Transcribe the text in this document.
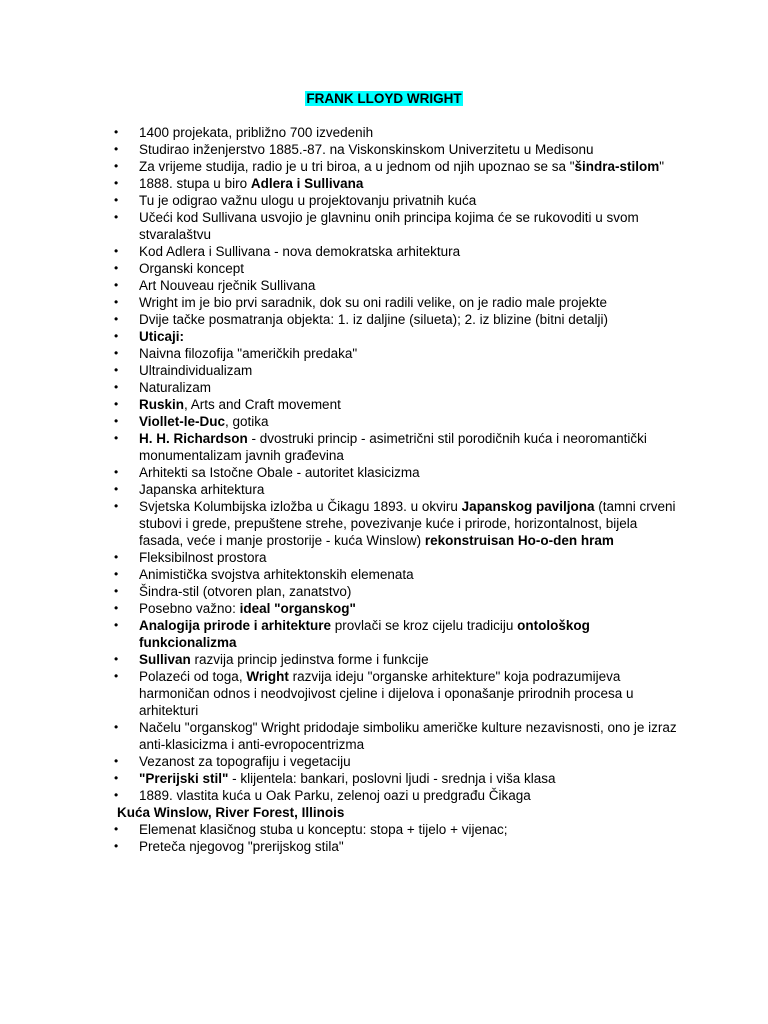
FRANK LLOYD WRIGHT
• 1400 projekata, približno 700 izvedenih
• Studirao inženjerstvo 1885.-87. na Viskonskinskom Univerzitetu u Medisonu
• Za vrijeme studija, radio je u tri biroa, a u jednom od njih upoznao se sa "šindra-stilom"
• 1888. stupa u biro Adlera i Sullivana
• Tu je odigrao važnu ulogu u projektovanju privatnih kuća
• Učeći kod Sullivana usvojio je glavninu onih principa kojima će se rukovoditi u svom stvaralaštvu
• Kod Adlera i Sullivana - nova demokratska arhitektura
• Organski koncept
• Art Nouveau rječnik Sullivana
• Wright im je bio prvi saradnik, dok su oni radili velike, on je radio male projekte
• Dvije tačke posmatranja objekta: 1. iz daljine (silueta); 2. iz blizine (bitni detalji)
• Uticaji:
• Naivna filozofija "američkih predaka"
• Ultraindividualizam
• Naturalizam
• Ruskin, Arts and Craft movement
• Viollet-le-Duc, gotika
• H. H. Richardson - dvostruki princip - asimetrični stil porodičnih kuća i neoromantički monumentalizam javnih građevina
• Arhitekti sa Istočne Obale - autoritet klasicizma
• Japanska arhitektura
• Svjetska Kolumbijska izložba u Čikagu 1893. u okviru Japanskog paviljona (tamni crveni stubovi i grede, prepuštene strehe, povezivanje kuće i prirode, horizontalnost, bijela fasada, veće i manje prostorije - kuća Winslow) rekonstruisan Ho-o-den hram
• Fleksibilnost prostora
• Animistička svojstva arhitektonskih elemenata
• Šindra-stil (otvoren plan, zanatstvo)
• Posebno važno: ideal "organskog"
• Analogija prirode i arhitekture provlači se kroz cijelu tradiciju ontološkog funkcionalizma
• Sullivan razvija princip jedinstva forme i funkcije
• Polazeći od toga, Wright razvija ideju "organske arhitekture" koja podrazumijeva harmoničan odnos i neodvojivost cjeline i dijelova i oponašanje prirodnih procesa u arhitekturi
• Načelu "organskog" Wright pridodaje simboliku američke kulture nezavisnosti, ono je izraz anti-klasicizma i anti-evropocentrizma
• Vezanost za topografiju i vegetaciju
• "Prerijski stil" - klijentela: bankari, poslovni ljudi - srednja i viša klasa
• 1889. vlastita kuća u Oak Parku, zelenoj oazi u predgrađu Čikaga
Kuća Winslow, River Forest, Illinois
• Elemenat klasičnog stuba u konceptu: stopa + tijelo + vijenac;
• Preteča njegovog "prerijskog stila"
